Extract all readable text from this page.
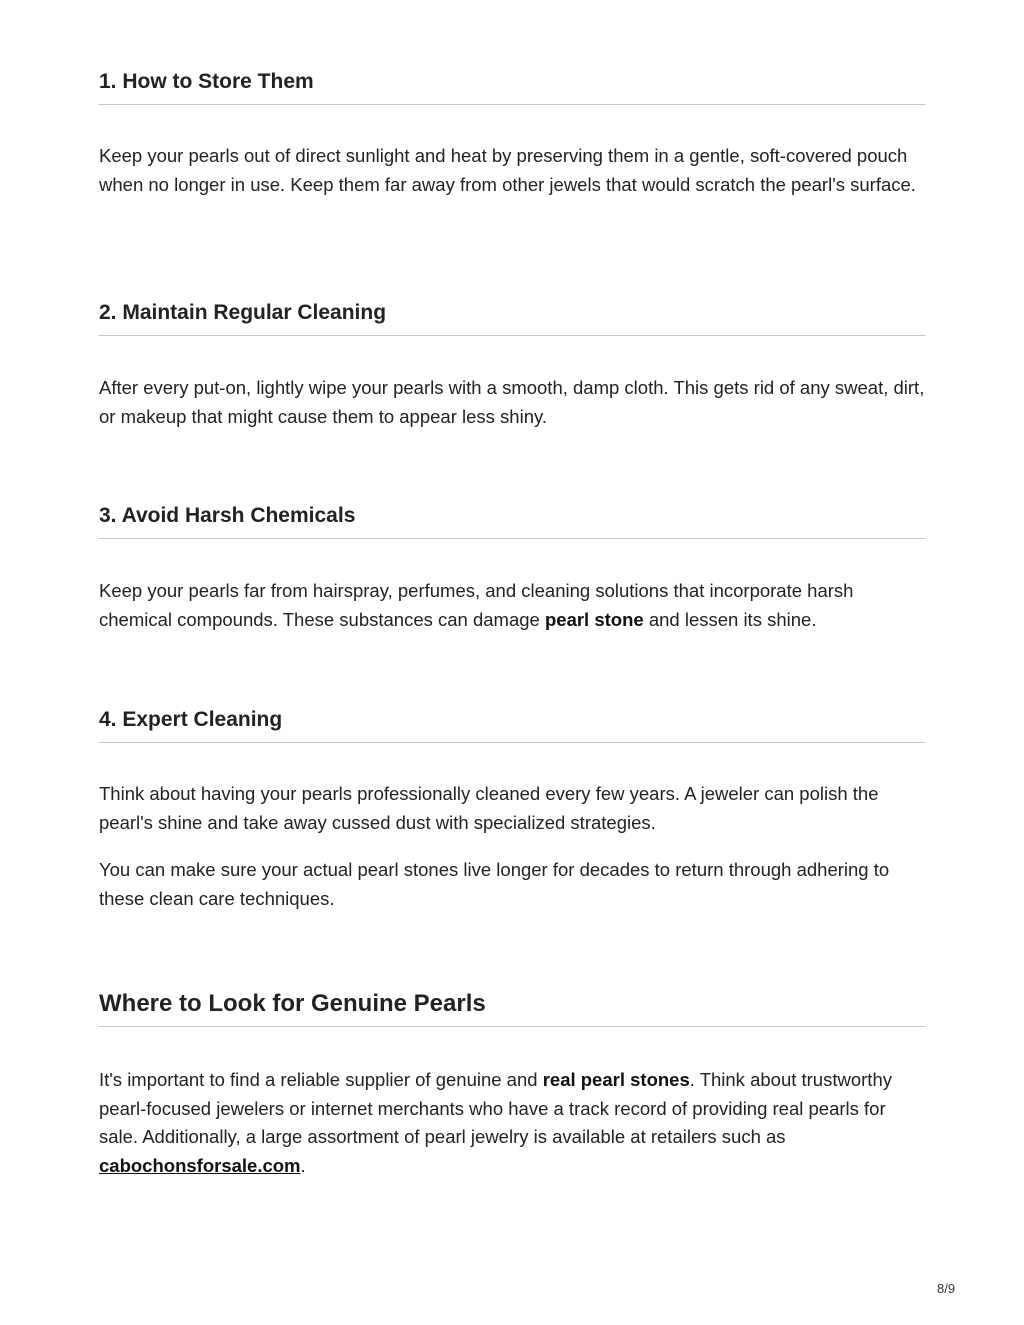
1. How to Store Them

Keep your pearls out of direct sunlight and heat by preserving them in a gentle, soft-covered pouch when no longer in use. Keep them far away from other jewels that would scratch the pearl's surface.

2. Maintain Regular Cleaning

After every put-on, lightly wipe your pearls with a smooth, damp cloth. This gets rid of any sweat, dirt, or makeup that might cause them to appear less shiny.

3. Avoid Harsh Chemicals

Keep your pearls far from hairspray, perfumes, and cleaning solutions that incorporate harsh chemical compounds. These substances can damage pearl stone and lessen its shine.

4. Expert Cleaning

Think about having your pearls professionally cleaned every few years. A jeweler can polish the pearl's shine and take away cussed dust with specialized strategies.

You can make sure your actual pearl stones live longer for decades to return through adhering to these clean care techniques.

Where to Look for Genuine Pearls

It's important to find a reliable supplier of genuine and real pearl stones. Think about trustworthy pearl-focused jewelers or internet merchants who have a track record of providing real pearls for sale. Additionally, a large assortment of pearl jewelry is available at retailers such as cabochonsforsale.com.

8/9
